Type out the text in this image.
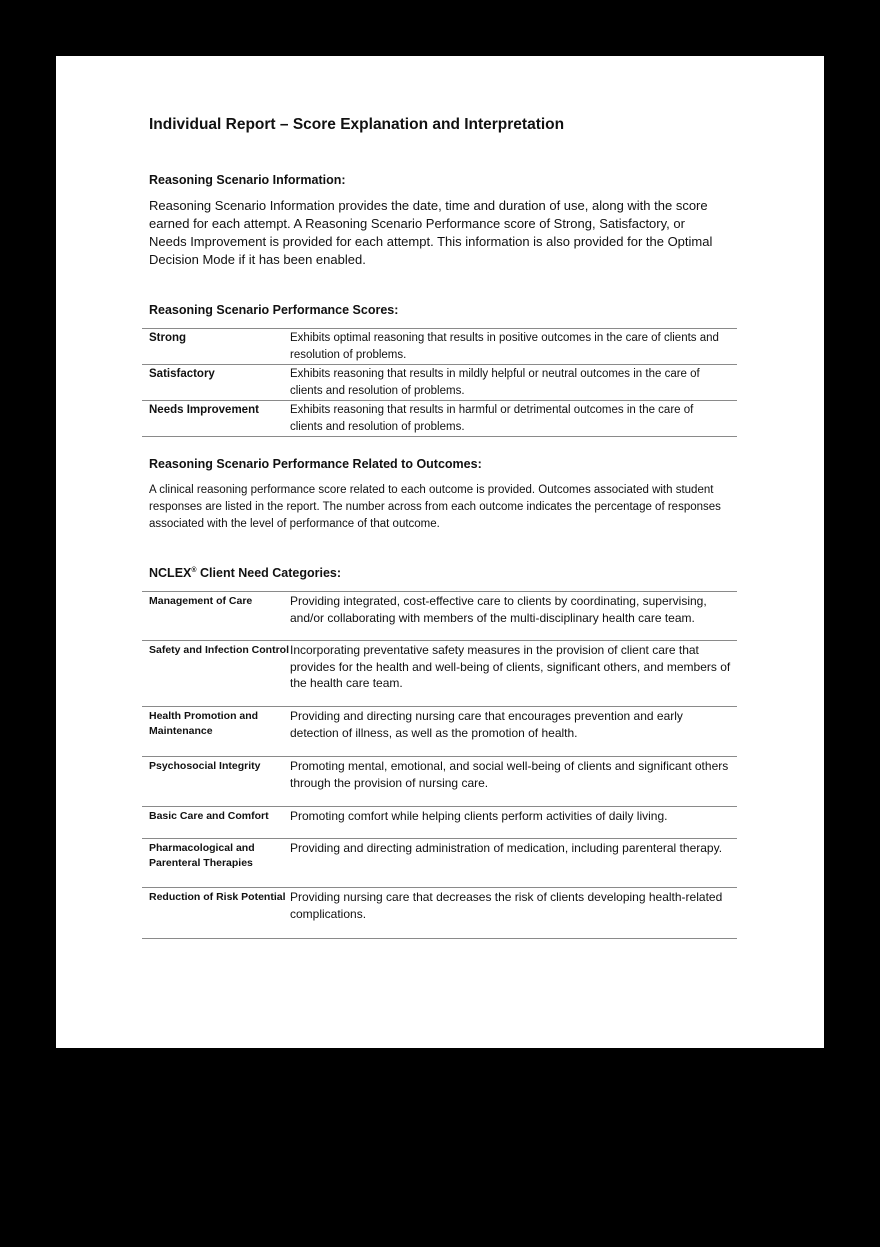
Individual Report – Score Explanation and Interpretation
Reasoning Scenario Information:
Reasoning Scenario Information provides the date, time and duration of use, along with the score earned for each attempt. A Reasoning Scenario Performance score of Strong, Satisfactory, or Needs Improvement is provided for each attempt. This information is also provided for the Optimal Decision Mode if it has been enabled.
Reasoning Scenario Performance Scores:
Strong	Exhibits optimal reasoning that results in positive outcomes in the care of clients and resolution of problems.
Satisfactory	Exhibits reasoning that results in mildly helpful or neutral outcomes in the care of clients and resolution of problems.
Needs Improvement	Exhibits reasoning that results in harmful or detrimental outcomes in the care of clients and resolution of problems.
Reasoning Scenario Performance Related to Outcomes:
A clinical reasoning performance score related to each outcome is provided. Outcomes associated with student responses are listed in the report. The number across from each outcome indicates the percentage of responses associated with the level of performance of that outcome.
NCLEX® Client Need Categories:
Management of Care	Providing integrated, cost-effective care to clients by coordinating, supervising, and/or collaborating with members of the multi-disciplinary health care team.
Safety and Infection Control	Incorporating preventative safety measures in the provision of client care that provides for the health and well-being of clients, significant others, and members of the health care team.
Health Promotion and Maintenance	Providing and directing nursing care that encourages prevention and early detection of illness, as well as the promotion of health.
Psychosocial Integrity	Promoting mental, emotional, and social well-being of clients and significant others through the provision of nursing care.
Basic Care and Comfort	Promoting comfort while helping clients perform activities of daily living.
Pharmacological and Parenteral Therapies	Providing and directing administration of medication, including parenteral therapy.
Reduction of Risk Potential	Providing nursing care that decreases the risk of clients developing health-related complications.
